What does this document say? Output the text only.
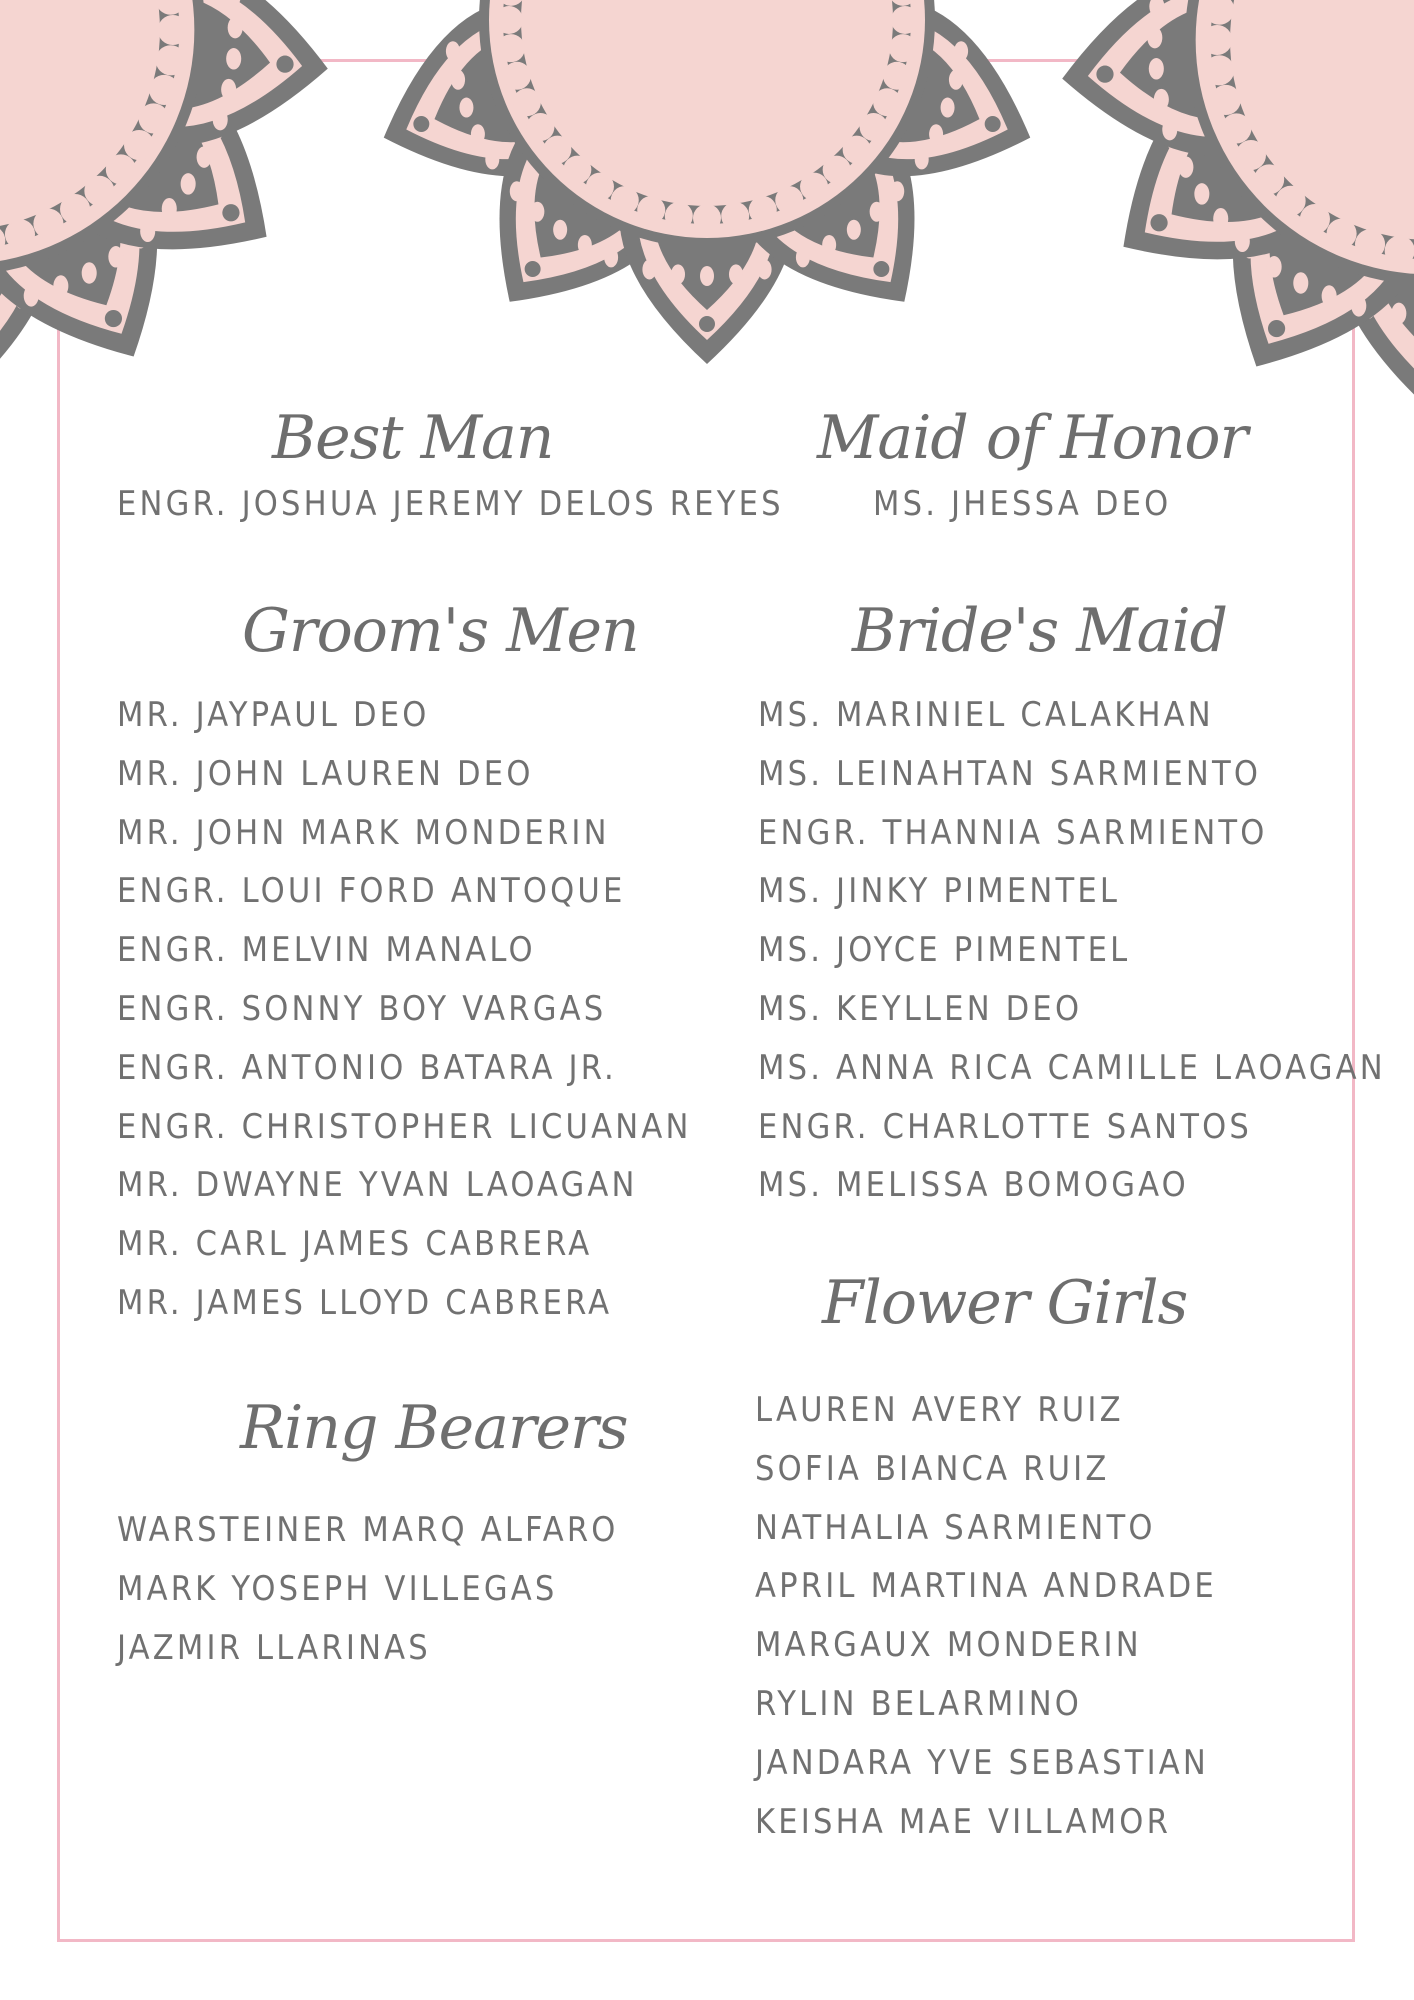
Best Man
ENGR. JOSHUA JEREMY DELOS REYES
Maid of Honor
MS. JHESSA DEO
Groom's Men
MR. JAYPAUL DEO
MR. JOHN LAUREN DEO
MR. JOHN MARK MONDERIN
ENGR. LOUI FORD ANTOQUE
ENGR. MELVIN MANALO
ENGR. SONNY BOY VARGAS
ENGR. ANTONIO BATARA JR.
ENGR. CHRISTOPHER LICUANAN
MR. DWAYNE YVAN LAOAGAN
MR. CARL JAMES CABRERA
MR. JAMES LLOYD CABRERA
Bride's Maid
MS. MARINIEL CALAKHAN
MS. LEINAHTAN SARMIENTO
ENGR. THANNIA SARMIENTO
MS. JINKY PIMENTEL
MS. JOYCE PIMENTEL
MS. KEYLLEN DEO
MS. ANNA RICA CAMILLE LAOAGAN
ENGR. CHARLOTTE SANTOS
MS. MELISSA BOMOGAO
Flower Girls
LAUREN AVERY RUIZ
SOFIA BIANCA RUIZ
NATHALIA SARMIENTO
APRIL MARTINA ANDRADE
MARGAUX MONDERIN
RYLIN BELARMINO
JANDARA YVE SEBASTIAN
KEISHA MAE VILLAMOR
Ring Bearers
WARSTEINER MARQ ALFARO
MARK YOSEPH VILLEGAS
JAZMIR LLARINAS
